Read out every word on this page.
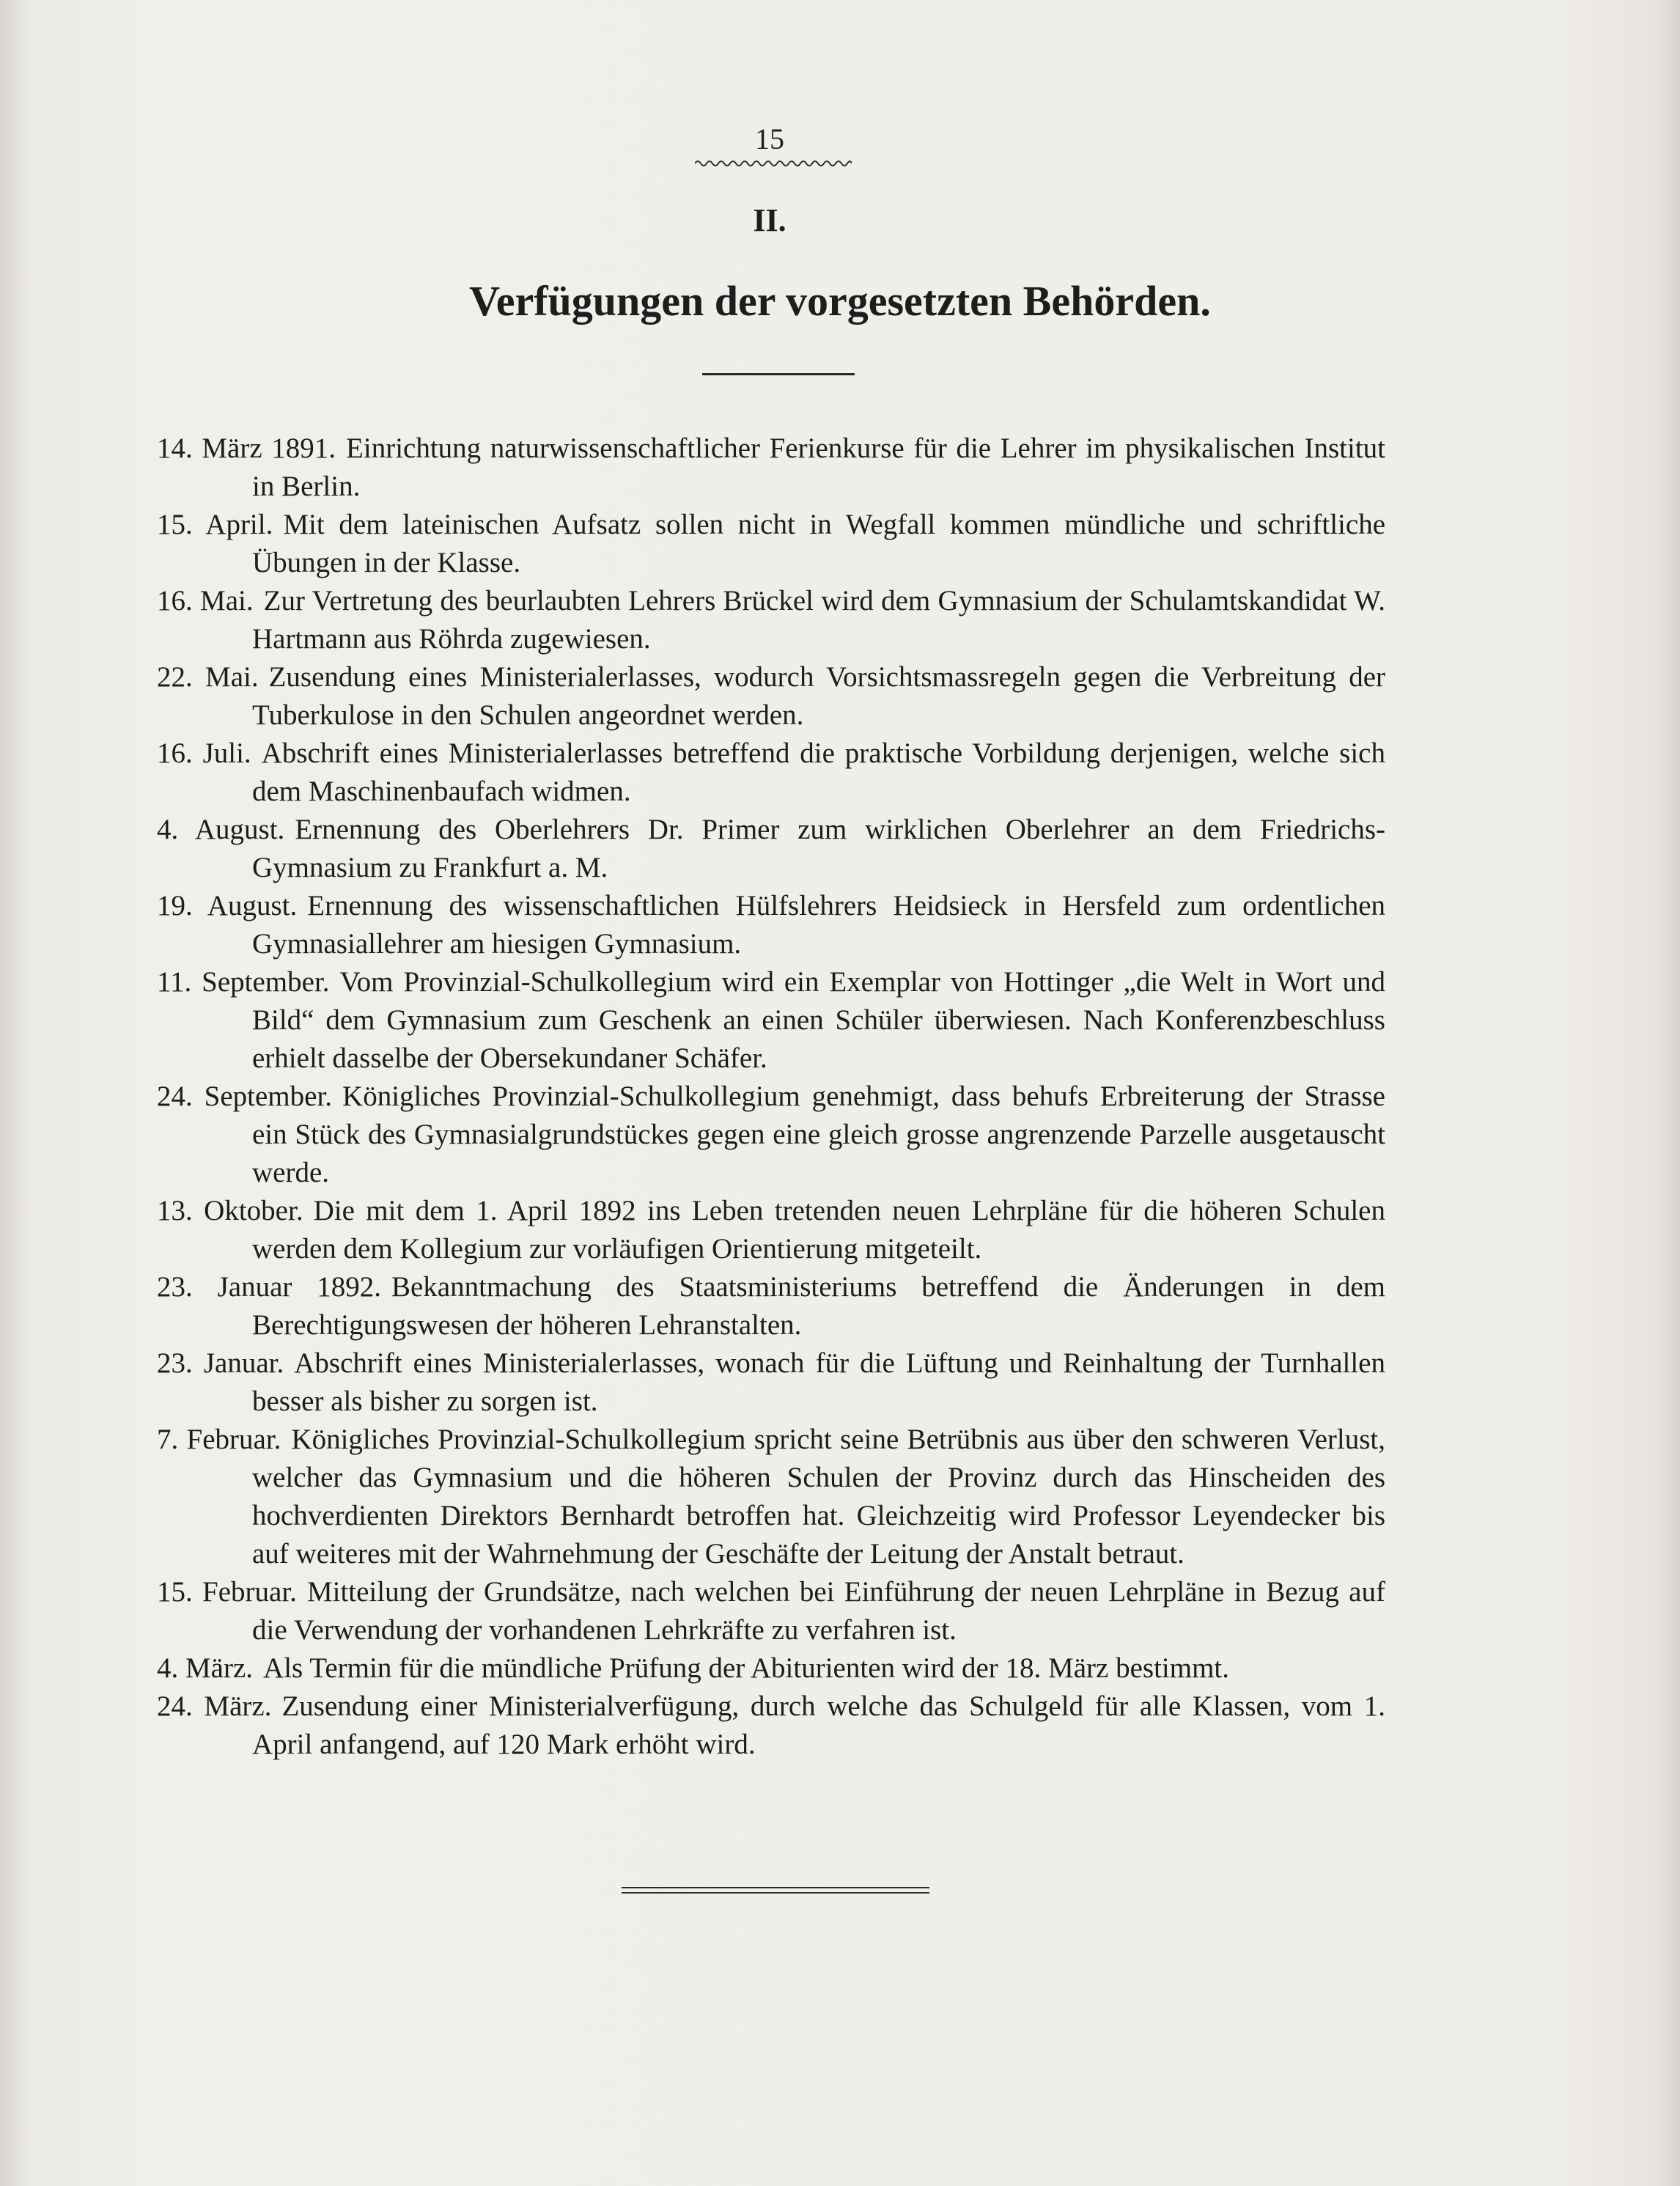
15
II.
Verfügungen der vorgesetzten Behörden.

14. März 1891. Einrichtung naturwissenschaftlicher Ferienkurse für die Lehrer im physikalischen Institut in Berlin.

15. April. Mit dem lateinischen Aufsatz sollen nicht in Wegfall kommen mündliche und schriftliche Übungen in der Klasse.

16. Mai. Zur Vertretung des beurlaubten Lehrers Brückel wird dem Gymnasium der Schulamtskandidat W. Hartmann aus Röhrda zugewiesen.

22. Mai. Zusendung eines Ministerialerlasses, wodurch Vorsichtsmassregeln gegen die Verbreitung der Tuberkulose in den Schulen angeordnet werden.

16. Juli. Abschrift eines Ministerialerlasses betreffend die praktische Vorbildung derjenigen, welche sich dem Maschinenbaufach widmen.

4. August. Ernennung des Oberlehrers Dr. Primer zum wirklichen Oberlehrer an dem Friedrichs-Gymnasium zu Frankfurt a. M.

19. August. Ernennung des wissenschaftlichen Hülfslehrers Heidsieck in Hersfeld zum ordentlichen Gymnasiallehrer am hiesigen Gymnasium.

11. September. Vom Provinzial-Schulkollegium wird ein Exemplar von Hottinger „die Welt in Wort und Bild“ dem Gymnasium zum Geschenk an einen Schüler überwiesen. Nach Konferenzbeschluss erhielt dasselbe der Obersekundaner Schäfer.

24. September. Königliches Provinzial-Schulkollegium genehmigt, dass behufs Erbreiterung der Strasse ein Stück des Gymnasialgrundstückes gegen eine gleich grosse angrenzende Parzelle ausgetauscht werde.

13. Oktober. Die mit dem 1. April 1892 ins Leben tretenden neuen Lehrpläne für die höheren Schulen werden dem Kollegium zur vorläufigen Orientierung mitgeteilt.

23. Januar 1892. Bekanntmachung des Staatsministeriums betreffend die Änderungen in dem Berechtigungswesen der höheren Lehranstalten.

23. Januar. Abschrift eines Ministerialerlasses, wonach für die Lüftung und Reinhaltung der Turnhallen besser als bisher zu sorgen ist.

7. Februar. Königliches Provinzial-Schulkollegium spricht seine Betrübnis aus über den schweren Verlust, welcher das Gymnasium und die höheren Schulen der Provinz durch das Hinscheiden des hochverdienten Direktors Bernhardt betroffen hat. Gleichzeitig wird Professor Leyendecker bis auf weiteres mit der Wahrnehmung der Geschäfte der Leitung der Anstalt betraut.

15. Februar. Mitteilung der Grundsätze, nach welchen bei Einführung der neuen Lehrpläne in Bezug auf die Verwendung der vorhandenen Lehrkräfte zu verfahren ist.

4. März. Als Termin für die mündliche Prüfung der Abiturienten wird der 18. März bestimmt.

24. März. Zusendung einer Ministerialverfügung, durch welche das Schulgeld für alle Klassen, vom 1. April anfangend, auf 120 Mark erhöht wird.
